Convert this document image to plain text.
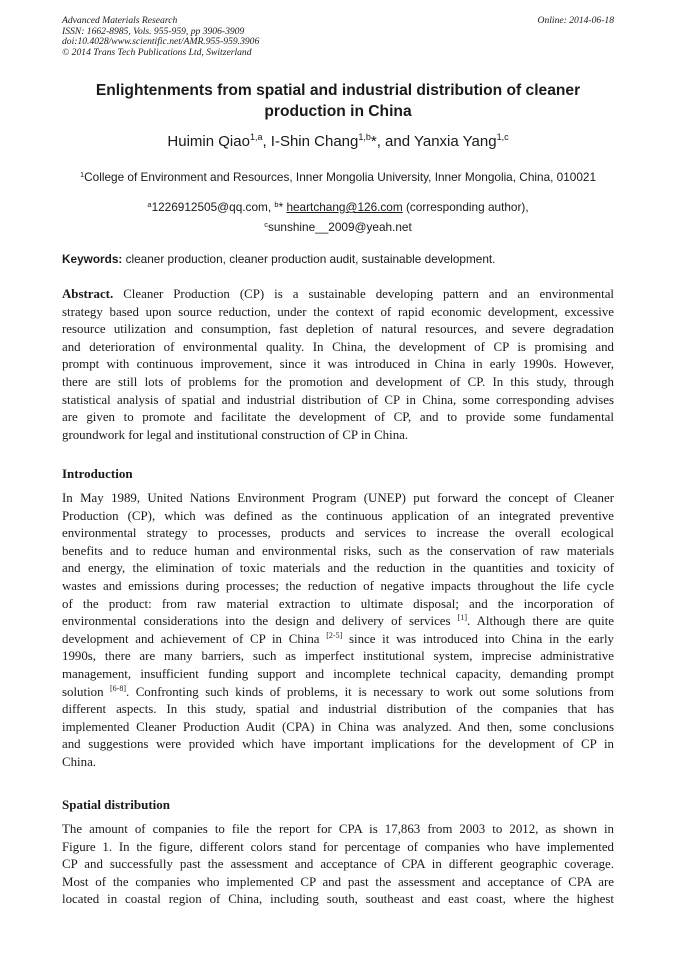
Advanced Materials Research
ISSN: 1662-8985, Vols. 955-959, pp 3906-3909
doi:10.4028/www.scientific.net/AMR.955-959.3906
© 2014 Trans Tech Publications Ltd, Switzerland
Online: 2014-06-18
Enlightenments from spatial and industrial distribution of cleaner
production in China
Huimin Qiao$^{1,a}$, I-Shin Chang$^{1,b}$*, and Yanxia Yang$^{1,c}$
$^1$College of Environment and Resources, Inner Mongolia University, Inner Mongolia, China, 010021
$^a$1226912505@qq.com, $^b$* heartchang@126.com (corresponding author),
$^c$sunshine__2009@yeah.net
Keywords: cleaner production, cleaner production audit, sustainable development.
Abstract. Cleaner Production (CP) is a sustainable developing pattern and an environmental
strategy based upon source reduction, under the context of rapid economic development, excessive
resource utilization and consumption, fast depletion of natural resources, and severe degradation
and deterioration of environmental quality. In China, the development of CP is promising and
prompt with continuous improvement, since it was introduced in China in early 1990s. However,
there are still lots of problems for the promotion and development of CP. In this study, through
statistical analysis of spatial and industrial distribution of CP in China, some corresponding advises
are given to promote and facilitate the development of CP, and to provide some fundamental
groundwork for legal and institutional construction of CP in China.
Introduction
In May 1989, United Nations Environment Program (UNEP) put forward the concept of Cleaner
Production (CP), which was defined as the continuous application of an integrated preventive
environmental strategy to processes, products and services to increase the overall ecological
benefits and to reduce human and environmental risks, such as the conservation of raw materials
and energy, the elimination of toxic materials and the reduction in the quantities and toxicity of
wastes and emissions during processes; the reduction of negative impacts throughout the life cycle
of the product: from raw material extraction to ultimate disposal; and the incorporation of
environmental considerations into the design and delivery of services [1]. Although there are quite
development and achievement of CP in China [2-5] since it was introduced into China in the early
1990s, there are many barriers, such as imperfect institutional system, imprecise administrative
management, insufficient funding support and incomplete technical capacity, demanding prompt
solution [6-8]. Confronting such kinds of problems, it is necessary to work out some solutions from
different aspects. In this study, spatial and industrial distribution of the companies that has
implemented Cleaner Production Audit (CPA) in China was analyzed. And then, some conclusions
and suggestions were provided which have important implications for the development of CP in
China.
Spatial distribution
The amount of companies to file the report for CPA is 17,863 from 2003 to 2012, as shown in
Figure 1. In the figure, different colors stand for percentage of companies who have implemented
CP and successfully past the assessment and acceptance of CPA in different geographic coverage.
Most of the companies who implemented CP and past the assessment and acceptance of CPA are
located in coastal region of China, including south, southeast and east coast, where the highest
